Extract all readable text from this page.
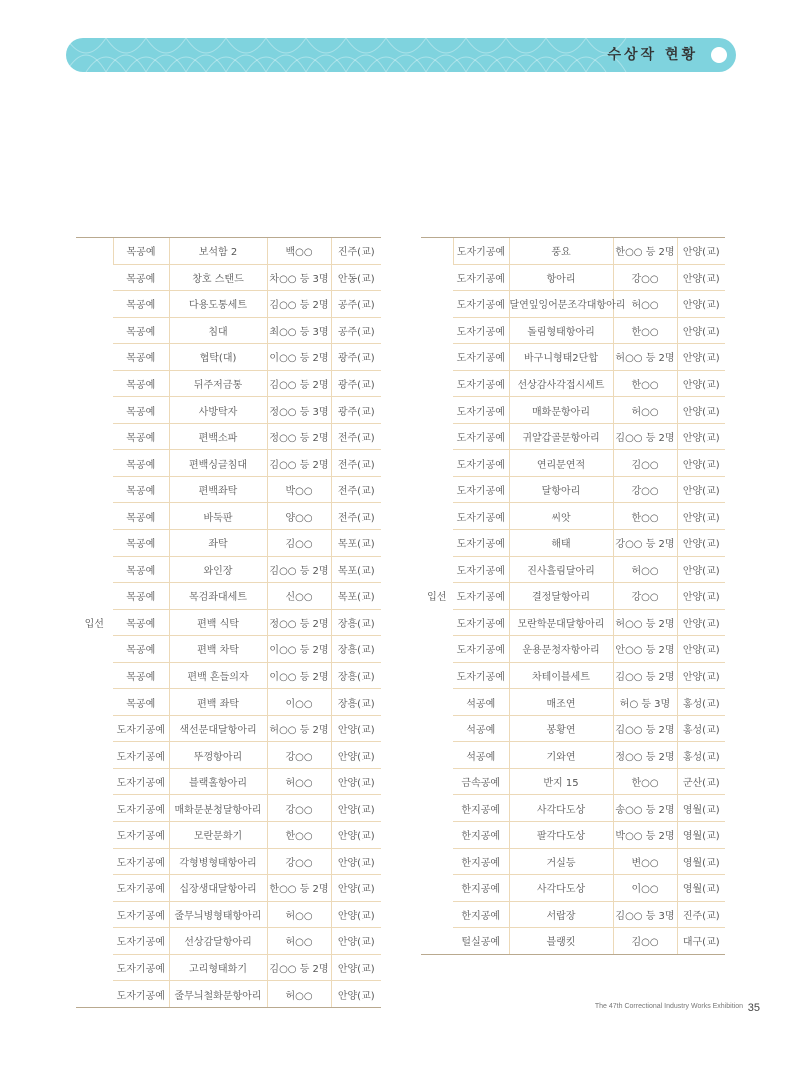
수상작 현황
입선	목공예	보석함 2	백○○	진주(교)
	목공예	창호 스탠드	차○○ 등 3명	안동(교)
	목공예	다용도통세트	김○○ 등 2명	공주(교)
	목공예	침대	최○○ 등 3명	공주(교)
	목공예	협탁(대)	이○○ 등 2명	광주(교)
	목공예	뒤주저금통	김○○ 등 2명	광주(교)
	목공예	사방탁자	정○○ 등 3명	광주(교)
	목공예	편백소파	정○○ 등 2명	전주(교)
	목공예	편백싱글침대	김○○ 등 2명	전주(교)
	목공예	편백좌탁	박○○	전주(교)
	목공예	바둑판	양○○	전주(교)
	목공예	좌탁	김○○	목포(교)
	목공예	와인장	김○○ 등 2명	목포(교)
	목공예	목검좌대세트	신○○	목포(교)
	목공예	편백 식탁	정○○ 등 2명	장흥(교)
	목공예	편백 차탁	이○○ 등 2명	장흥(교)
	목공예	편백 흔들의자	이○○ 등 2명	장흥(교)
	목공예	편백 좌탁	이○○	장흥(교)
	도자기공예	색선문대달항아리	허○○ 등 2명	안양(교)
	도자기공예	뚜껑항아리	강○○	안양(교)
	도자기공예	블랙홀항아리	허○○	안양(교)
	도자기공예	매화문분청달항아리	강○○	안양(교)
	도자기공예	모란문화기	한○○	안양(교)
	도자기공예	각형병형태항아리	강○○	안양(교)
	도자기공예	십장생대달항아리	한○○ 등 2명	안양(교)
	도자기공예	줄무늬병형태항아리	허○○	안양(교)
	도자기공예	선상감달항아리	허○○	안양(교)
	도자기공예	고리형태화기	김○○ 등 2명	안양(교)
	도자기공예	줄무늬철화문항아리	허○○	안양(교)
입선	도자기공예	풍요	한○○ 등 2명	안양(교)
	도자기공예	항아리	강○○	안양(교)
	도자기공예	달연잎잉어문조각대항아리	허○○	안양(교)
	도자기공예	돌림형태항아리	한○○	안양(교)
	도자기공예	바구니형태2단합	허○○ 등 2명	안양(교)
	도자기공예	선상감사각접시세트	한○○	안양(교)
	도자기공예	매화문항아리	허○○	안양(교)
	도자기공예	귀얄갑골문항아리	김○○ 등 2명	안양(교)
	도자기공예	연리문연적	김○○	안양(교)
	도자기공예	달항아리	강○○	안양(교)
	도자기공예	씨앗	한○○	안양(교)
	도자기공예	해태	강○○ 등 2명	안양(교)
	도자기공예	진사흘림달아리	허○○	안양(교)
	도자기공예	결정달항아리	강○○	안양(교)
	도자기공예	모란학문대달항아리	허○○ 등 2명	안양(교)
	도자기공예	운용문청자항아리	안○○ 등 2명	안양(교)
	도자기공예	차테이블세트	김○○ 등 2명	안양(교)
	석공예	매조연	허○ 등 3명	홍성(교)
	석공예	봉황연	김○○ 등 2명	홍성(교)
	석공예	기와연	정○○ 등 2명	홍성(교)
	금속공예	반지 15	한○○	군산(교)
	한지공예	사각다도상	송○○ 등 2명	영월(교)
	한지공예	팔각다도상	박○○ 등 2명	영월(교)
	한지공예	거실등	변○○	영월(교)
	한지공예	사각다도상	이○○	영월(교)
	한지공예	서랍장	김○○ 등 3명	진주(교)
	털실공예	블랭킷	김○○	대구(교)
The 47th Correctional Industry Works Exhibition 35
